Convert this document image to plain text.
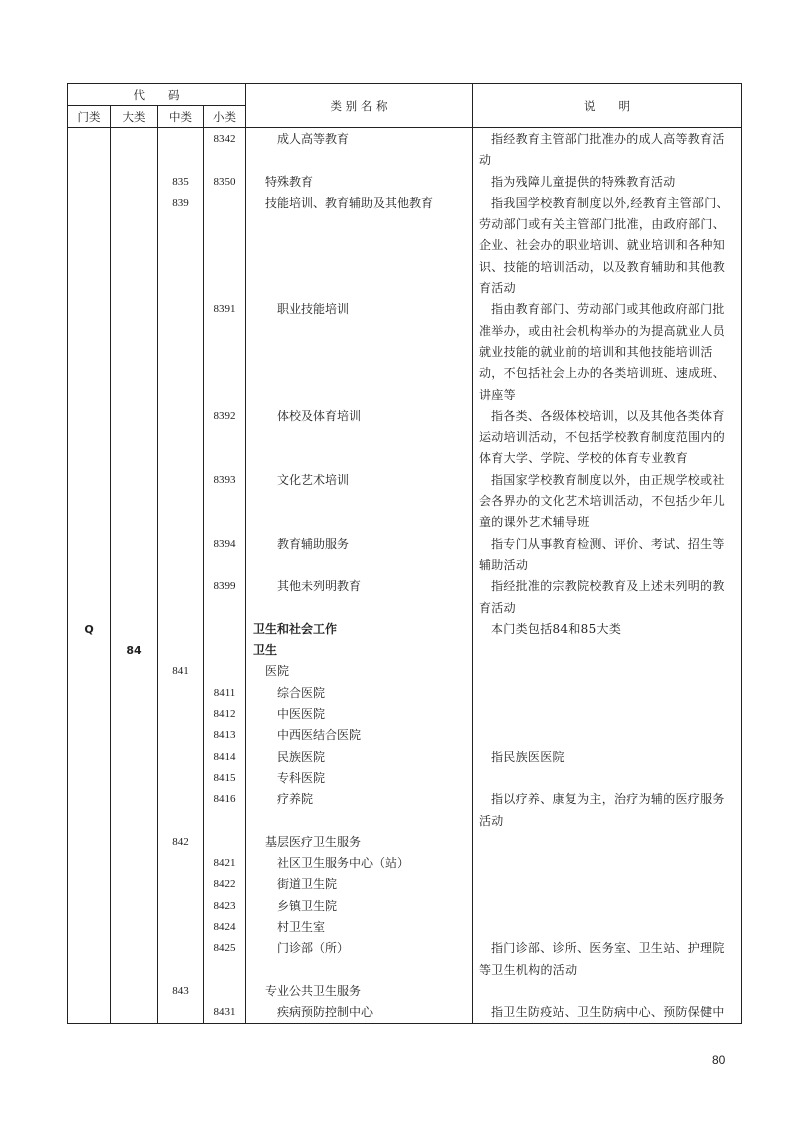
代　　码				类 别 名 称	说　　明
门类	大类	中类	小类		
			8342	成人高等教育	指经教育主管部门批准办的成人高等教育活动
		835	8350	特殊教育	指为残障儿童提供的特殊教育活动
		839		技能培训、教育辅助及其他教育	指我国学校教育制度以外,经教育主管部门、劳动部门或有关主管部门批准，由政府部门、企业、社会办的职业培训、就业培训和各种知识、技能的培训活动，以及教育辅助和其他教育活动
			8391	职业技能培训	指由教育部门、劳动部门或其他政府部门批准举办，或由社会机构举办的为提高就业人员就业技能的就业前的培训和其他技能培训活动，不包括社会上办的各类培训班、速成班、讲座等
			8392	体校及体育培训	指各类、各级体校培训，以及其他各类体育运动培训活动，不包括学校教育制度范围内的体育大学、学院、学校的体育专业教育
			8393	文化艺术培训	指国家学校教育制度以外，由正规学校或社会各界办的文化艺术培训活动，不包括少年儿童的课外艺术辅导班
			8394	教育辅助服务	指专门从事教育检测、评价、考试、招生等辅助活动
			8399	其他未列明教育	指经批准的宗教院校教育及上述未列明的教育活动
Q				卫生和社会工作	本门类包括84和85大类
	84			卫生	
		841		医院	
			8411	综合医院	
			8412	中医医院	
			8413	中西医结合医院	
			8414	民族医院	指民族医医院
			8415	专科医院	
			8416	疗养院	指以疗养、康复为主，治疗为辅的医疗服务活动
		842		基层医疗卫生服务	
			8421	社区卫生服务中心（站）	
			8422	街道卫生院	
			8423	乡镇卫生院	
			8424	村卫生室	
			8425	门诊部（所）	指门诊部、诊所、医务室、卫生站、护理院等卫生机构的活动
		843		专业公共卫生服务	
			8431	疾病预防控制中心	指卫生防疫站、卫生防病中心、预防保健中
80
